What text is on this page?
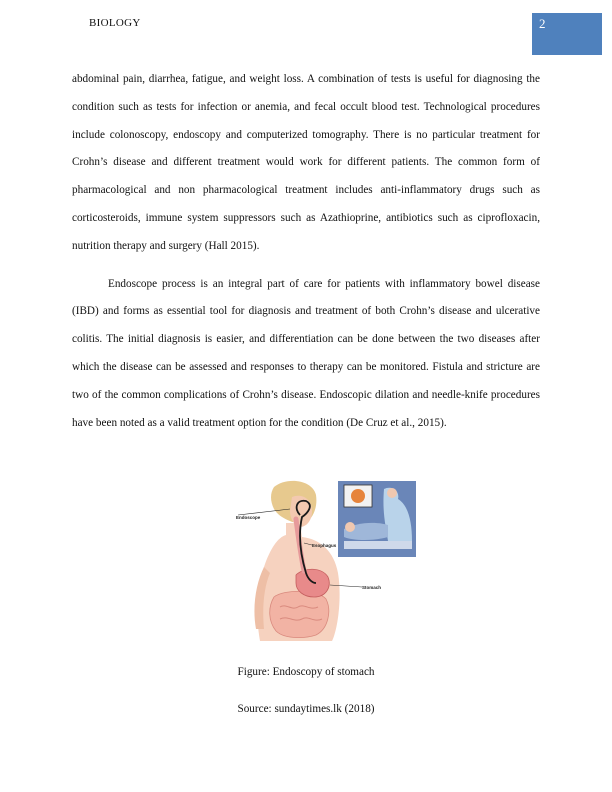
BIOLOGY	2

abdominal pain, diarrhea, fatigue, and weight loss. A combination of tests is useful for diagnosing the condition such as tests for infection or anemia, and fecal occult blood test. Technological procedures include colonoscopy, endoscopy and computerized tomography. There is no particular treatment for Crohn’s disease and different treatment would work for different patients. The common form of pharmacological and non pharmacological treatment includes anti-inflammatory drugs such as corticosteroids, immune system suppressors such as Azathioprine, antibiotics such as ciprofloxacin, nutrition therapy and surgery (Hall 2015).

Endoscope process is an integral part of care for patients with inflammatory bowel disease (IBD) and forms as essential tool for diagnosis and treatment of both Crohn’s disease and ulcerative colitis. The initial diagnosis is easier, and differentiation can be done between the two diseases after which the disease can be assessed and responses to therapy can be monitored. Fistula and stricture are two of the common complications of Crohn’s disease. Endoscopic dilation and needle-knife procedures have been noted as a valid treatment option for the condition (De Cruz et al., 2015).

Endoscope
Esophagus
Stomach
Figure: Endoscopy of stomach
Source: sundaytimes.lk (2018)
